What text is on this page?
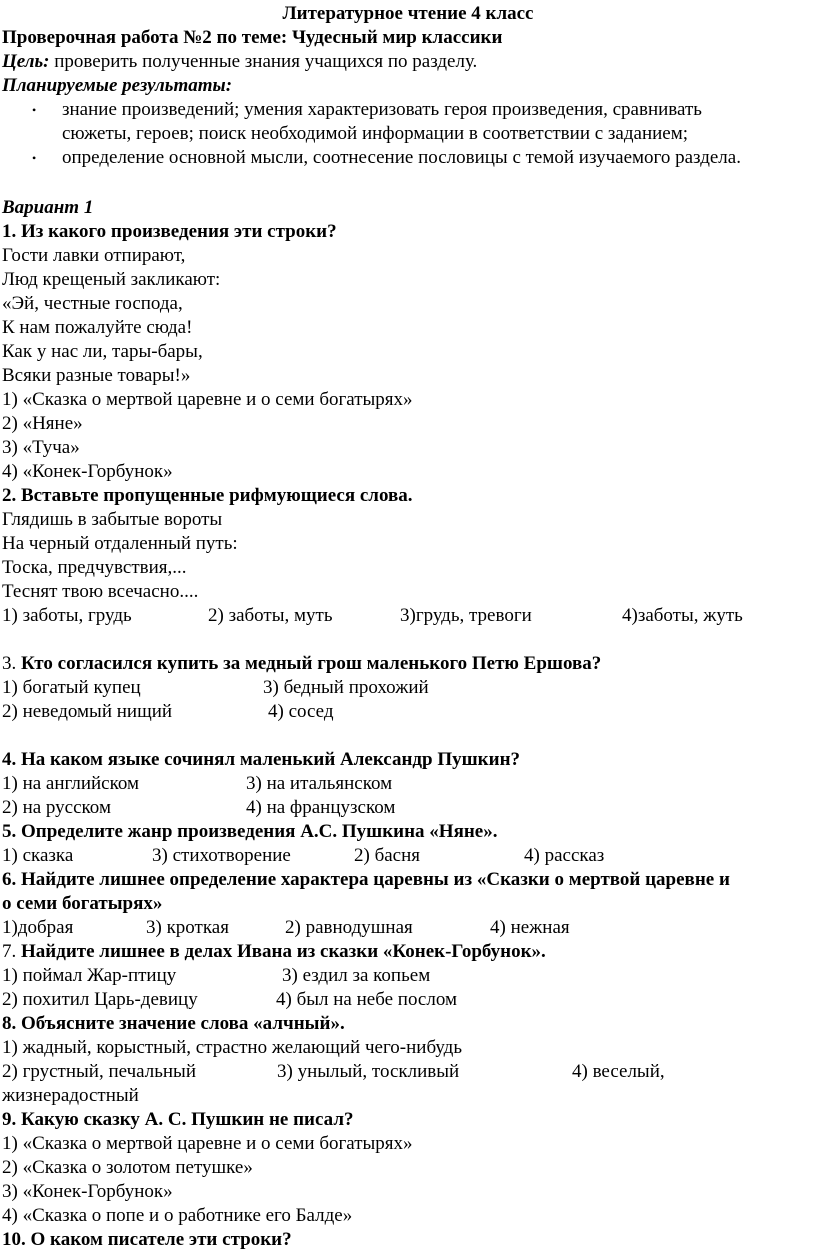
Литературное чтение 4 класс
Проверочная работа №2 по теме: Чудесный мир классики
Цель: проверить полученные знания учащихся по разделу.
Планируемые результаты:
• знание произведений; умения характеризовать героя произведения, сравнивать
сюжеты, героев; поиск необходимой информации в соответствии с заданием;
• определение основной мысли, соотнесение пословицы с темой изучаемого раздела.
Вариант 1
1. Из какого произведения эти строки?
Гости лавки отпирают,
Люд крещеный закликают:
«Эй, честные господа,
К нам пожалуйте сюда!
Как у нас ли, тары-бары,
Всяки разные товары!»
1) «Сказка о мертвой царевне и о семи богатырях»
2) «Няне»
3) «Туча»
4) «Конек-Горбунок»
2. Вставьте пропущенные рифмующиеся слова.
Глядишь в забытые вороты
На черный отдаленный путь:
Тоска, предчувствия,...
Теснят твою всечасно....
1) заботы, грудь	2) заботы, муть	3)грудь, тревоги	4)заботы, жуть
3. Кто согласился купить за медный грош маленького Петю Ершова?
1) богатый купец	3) бедный прохожий
2) неведомый нищий	4) сосед
4. На каком языке сочинял маленький Александр Пушкин?
1) на английском	3) на итальянском
2) на русском	4) на французском
5. Определите жанр произведения А.С. Пушкина «Няне».
1) сказка	3) стихотворение	2) басня	4) рассказ
6. Найдите лишнее определение характера царевны из «Сказки о мертвой царевне и
о семи богатырях»
1)добрая	3) кроткая	2) равнодушная	4) нежная
7. Найдите лишнее в делах Ивана из сказки «Конек-Горбунок».
1) поймал Жар-птицу	3) ездил за копьем
2) похитил Царь-девицу	4) был на небе послом
8. Объясните значение слова «алчный».
1) жадный, корыстный, страстно желающий чего-нибудь
2) грустный, печальный	3) унылый, тоскливый	4) веселый,
жизнерадостный
9. Какую сказку А. С. Пушкин не писал?
1) «Сказка о мертвой царевне и о семи богатырях»
2) «Сказка о золотом петушке»
3) «Конек-Горбунок»
4) «Сказка о попе и о работнике его Балде»
10. О каком писателе эти строки?
